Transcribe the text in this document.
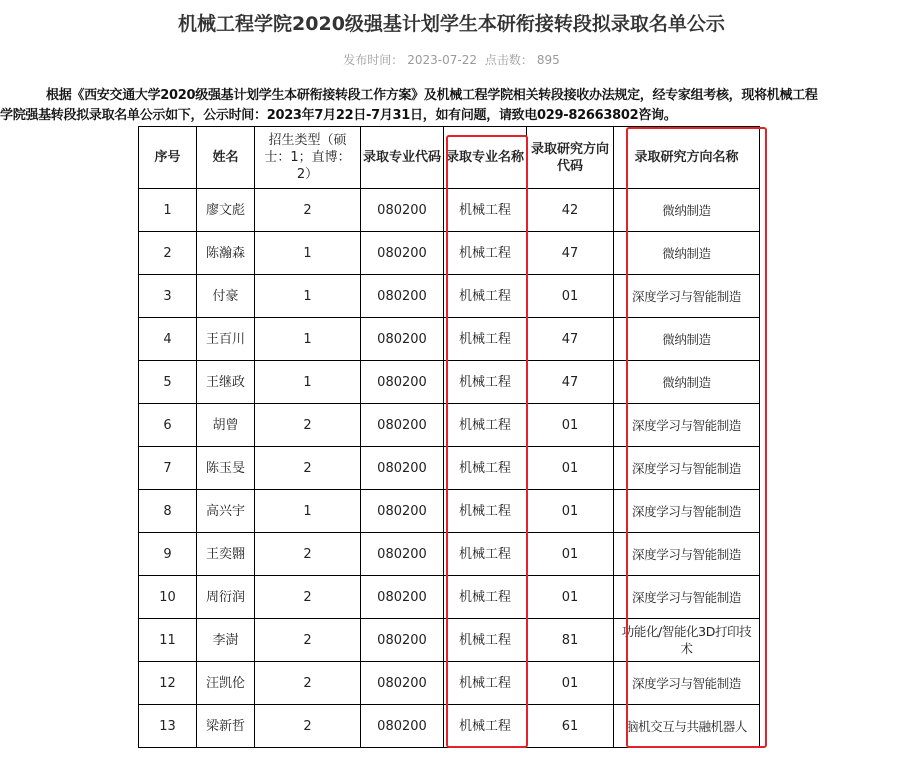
机械工程学院2020级强基计划学生本研衔接转段拟录取名单公示
发布时间： 2023-07-22 点击数： 895
根据《西安交通大学2020级强基计划学生本研衔接转段工作方案》及机械工程学院相关转段接收办法规定，经专家组考核，现将机械工程
学院强基转段拟录取名单公示如下，公示时间：2023年7月22日-7月31日，如有问题，请致电029-82663802咨询。
序号	姓名	招生类型（硕士：1；直博：2）	录取专业代码	录取专业名称	录取研究方向代码	录取研究方向名称
1	廖文彪	2	080200	机械工程	42	微纳制造
2	陈瀚森	1	080200	机械工程	47	微纳制造
3	付豪	1	080200	机械工程	01	深度学习与智能制造
4	王百川	1	080200	机械工程	47	微纳制造
5	王继政	1	080200	机械工程	47	微纳制造
6	胡曾	2	080200	机械工程	01	深度学习与智能制造
7	陈玉旻	2	080200	机械工程	01	深度学习与智能制造
8	高兴宇	1	080200	机械工程	01	深度学习与智能制造
9	王奕翾	2	080200	机械工程	01	深度学习与智能制造
10	周衍润	2	080200	机械工程	01	深度学习与智能制造
11	李澍	2	080200	机械工程	81	功能化/智能化3D打印技术
12	汪凯伦	2	080200	机械工程	01	深度学习与智能制造
13	梁新哲	2	080200	机械工程	61	脑机交互与共融机器人
